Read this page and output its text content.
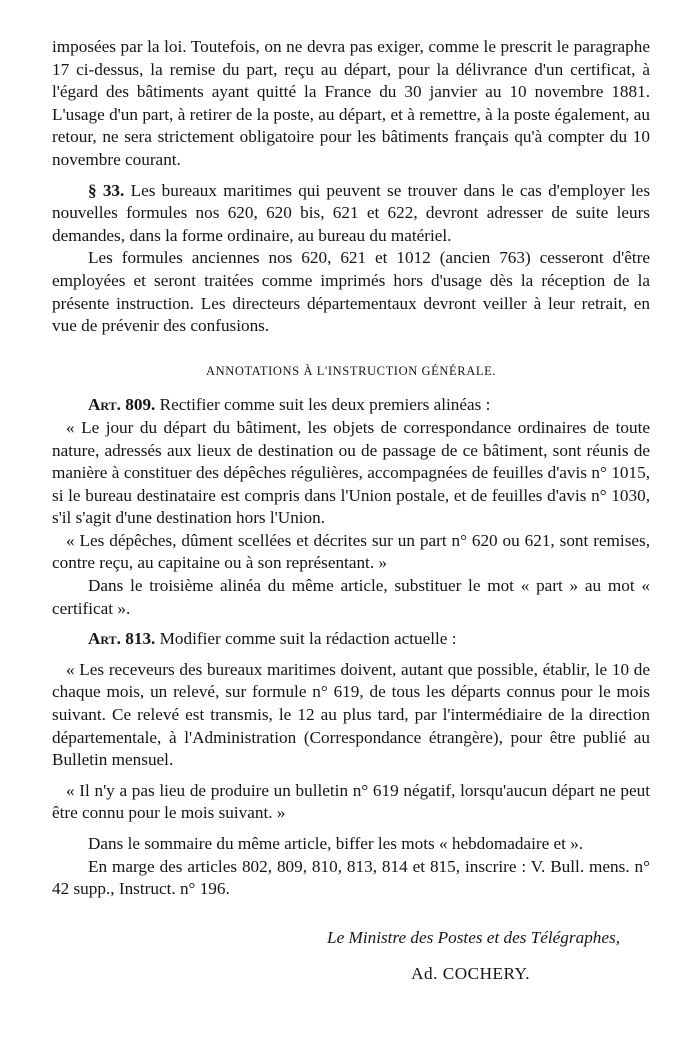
imposées par la loi. Toutefois, on ne devra pas exiger, comme le prescrit le paragraphe 17 ci-dessus, la remise du part, reçu au départ, pour la délivrance d'un certificat, à l'égard des bâtiments ayant quitté la France du 30 janvier au 10 novembre 1881. L'usage d'un part, à retirer de la poste, au départ, et à remettre, à la poste également, au retour, ne sera strictement obligatoire pour les bâtiments français qu'à compter du 10 novembre courant.

§ 33. Les bureaux maritimes qui peuvent se trouver dans le cas d'employer les nouvelles formules nos 620, 620 bis, 621 et 622, devront adresser de suite leurs demandes, dans la forme ordinaire, au bureau du matériel.

Les formules anciennes nos 620, 621 et 1012 (ancien 763) cesseront d'être employées et seront traitées comme imprimés hors d'usage dès la réception de la présente instruction. Les directeurs départementaux devront veiller à leur retrait, en vue de prévenir des confusions.

ANNOTATIONS À L'INSTRUCTION GÉNÉRALE.

Art. 809. Rectifier comme suit les deux premiers alinéas :

« Le jour du départ du bâtiment, les objets de correspondance ordinaires de toute nature, adressés aux lieux de destination ou de passage de ce bâtiment, sont réunis de manière à constituer des dépêches régulières, accompagnées de feuilles d'avis n° 1015, si le bureau destinataire est compris dans l'Union postale, et de feuilles d'avis n° 1030, s'il s'agit d'une destination hors l'Union.

« Les dépêches, dûment scellées et décrites sur un part n° 620 ou 621, sont remises, contre reçu, au capitaine ou à son représentant. »

Dans le troisième alinéa du même article, substituer le mot « part » au mot « certificat ».

Art. 813. Modifier comme suit la rédaction actuelle :

« Les receveurs des bureaux maritimes doivent, autant que possible, établir, le 10 de chaque mois, un relevé, sur formule n° 619, de tous les départs connus pour le mois suivant. Ce relevé est transmis, le 12 au plus tard, par l'intermédiaire de la direction départementale, à l'Administration (Correspondance étrangère), pour être publié au Bulletin mensuel.

« Il n'y a pas lieu de produire un bulletin n° 619 négatif, lorsqu'aucun départ ne peut être connu pour le mois suivant. »

Dans le sommaire du même article, biffer les mots « hebdomadaire et ».

En marge des articles 802, 809, 810, 813, 814 et 815, inscrire : V. Bull. mens. n° 42 supp., Instruct. n° 196.

Le Ministre des Postes et des Télégraphes,
Ad. COCHERY.
